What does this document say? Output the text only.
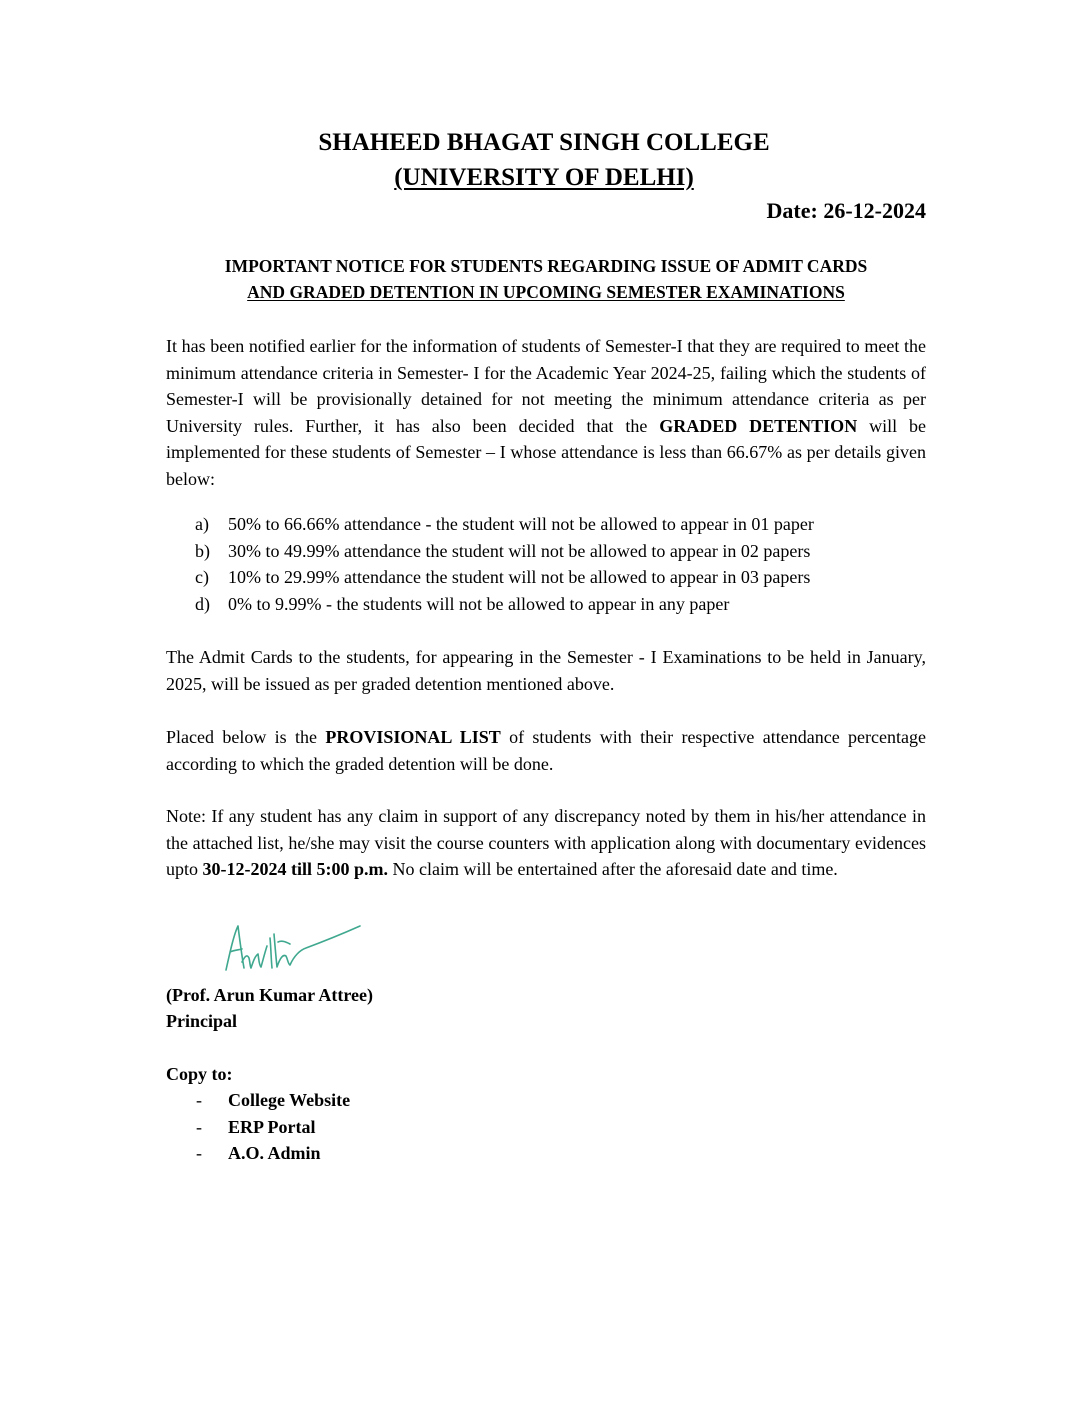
SHAHEED BHAGAT SINGH COLLEGE
(UNIVERSITY OF DELHI)
Date: 26-12-2024
IMPORTANT NOTICE FOR STUDENTS REGARDING ISSUE OF ADMIT CARDS
AND GRADED DETENTION IN UPCOMING SEMESTER EXAMINATIONS
It has been notified earlier for the information of students of Semester-I that they are required to meet the minimum attendance criteria in Semester- I for the Academic Year 2024-25, failing which the students of Semester-I will be provisionally detained for not meeting the minimum attendance criteria as per University rules. Further, it has also been decided that the GRADED DETENTION will be implemented for these students of Semester – I whose attendance is less than 66.67% as per details given below:
a)	50% to 66.66% attendance - the student will not be allowed to appear in 01 paper
b)	30% to 49.99% attendance the student will not be allowed to appear in 02 papers
c)	10% to 29.99% attendance the student will not be allowed to appear in 03 papers
d)	0% to 9.99% - the students will not be allowed to appear in any paper
The Admit Cards to the students, for appearing in the Semester - I Examinations to be held in January, 2025, will be issued as per graded detention mentioned above.
Placed below is the PROVISIONAL LIST of students with their respective attendance percentage according to which the graded detention will be done.
Note: If any student has any claim in support of any discrepancy noted by them in his/her attendance in the attached list, he/she may visit the course counters with application along with documentary evidences upto 30-12-2024 till 5:00 p.m. No claim will be entertained after the aforesaid date and time.
(Prof. Arun Kumar Attree)
Principal
Copy to:
-	College Website
-	ERP Portal
-	A.O. Admin
